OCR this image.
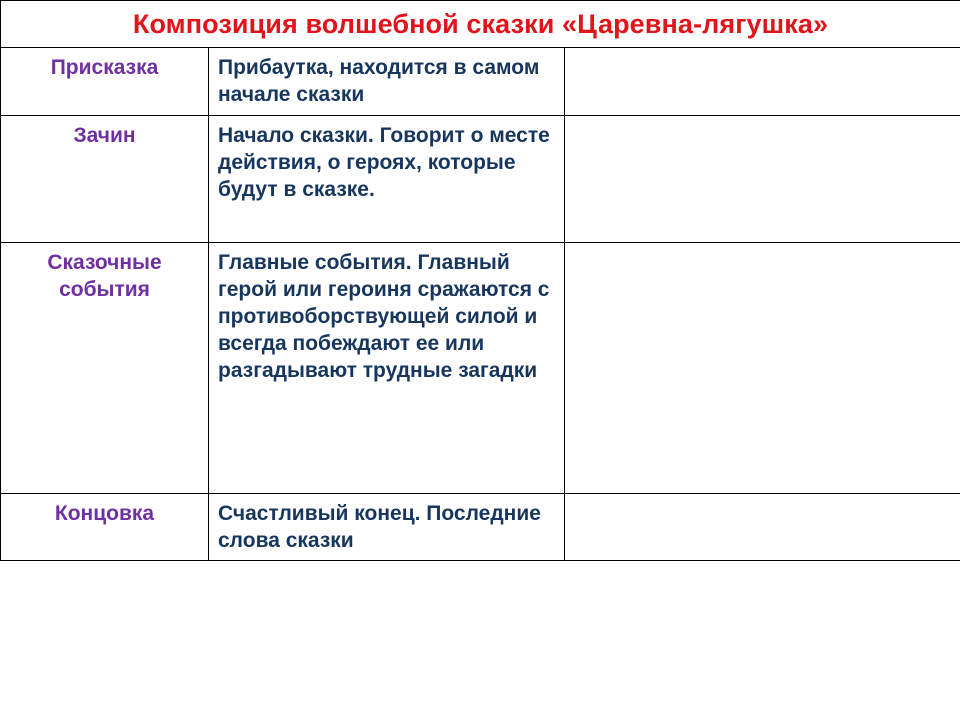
Композиция волшебной сказки «Царевна-лягушка»		
Присказка	Прибаутка, находится в самом начале сказки	
Зачин	Начало сказки. Говорит о месте действия, о героях, которые будут в сказке.	
Сказочные события	Главные события. Главный герой или героиня сражаются с противоборствующей силой и всегда побеждают ее или разгадывают трудные загадки	
Концовка	Счастливый конец. Последние слова сказки	
